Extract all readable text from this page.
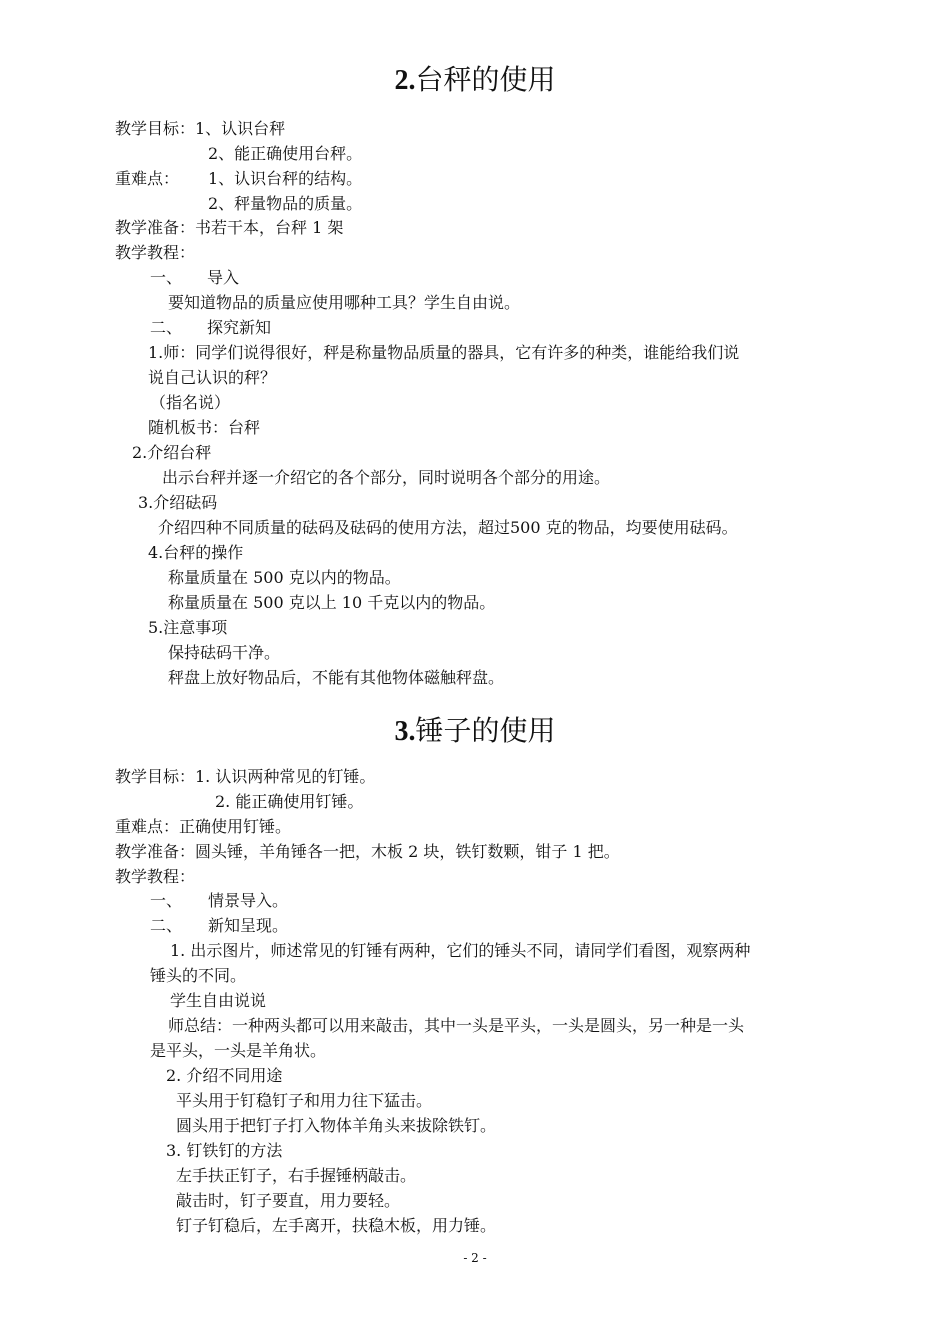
2.台秤的使用
教学目标：1、认识台秤
2、能正确使用台秤。
重难点： 1、认识台秤的结构。
2、秤量物品的质量。
教学准备：书若干本，台秤 1 架
教学教程：
一、 导入
要知道物品的质量应使用哪种工具？学生自由说。
二、 探究新知
1.师：同学们说得很好，秤是称量物品质量的器具，它有许多的种类，谁能给我们说
说自己认识的秤？
（指名说）
随机板书：台秤
2.介绍台秤
出示台秤并逐一介绍它的各个部分，同时说明各个部分的用途。
3.介绍砝码
介绍四种不同质量的砝码及砝码的使用方法，超过500 克的物品，均要使用砝码。
4.台秤的操作
称量质量在 500 克以内的物品。
称量质量在 500 克以上 10 千克以内的物品。
5.注意事项
保持砝码干净。
秤盘上放好物品后，不能有其他物体磁触秤盘。
3.锤子的使用
教学目标：1. 认识两种常见的钉锤。
2. 能正确使用钉锤。
重难点：正确使用钉锤。
教学准备：圆头锤，羊角锤各一把，木板 2 块，铁钉数颗，钳子 1 把。
教学教程：
一、 情景导入。
二、 新知呈现。
1. 出示图片，师述常见的钉锤有两种，它们的锤头不同，请同学们看图，观察两种
锤头的不同。
学生自由说说
师总结：一种两头都可以用来敲击，其中一头是平头，一头是圆头，另一种是一头
是平头，一头是羊角状。
2. 介绍不同用途
平头用于钉稳钉子和用力往下猛击。
圆头用于把钉子打入物体羊角头来拔除铁钉。
3. 钉铁钉的方法
左手扶正钉子，右手握锤柄敲击。
敲击时，钉子要直，用力要轻。
钉子钉稳后，左手离开，扶稳木板，用力锤。
- 2 -
